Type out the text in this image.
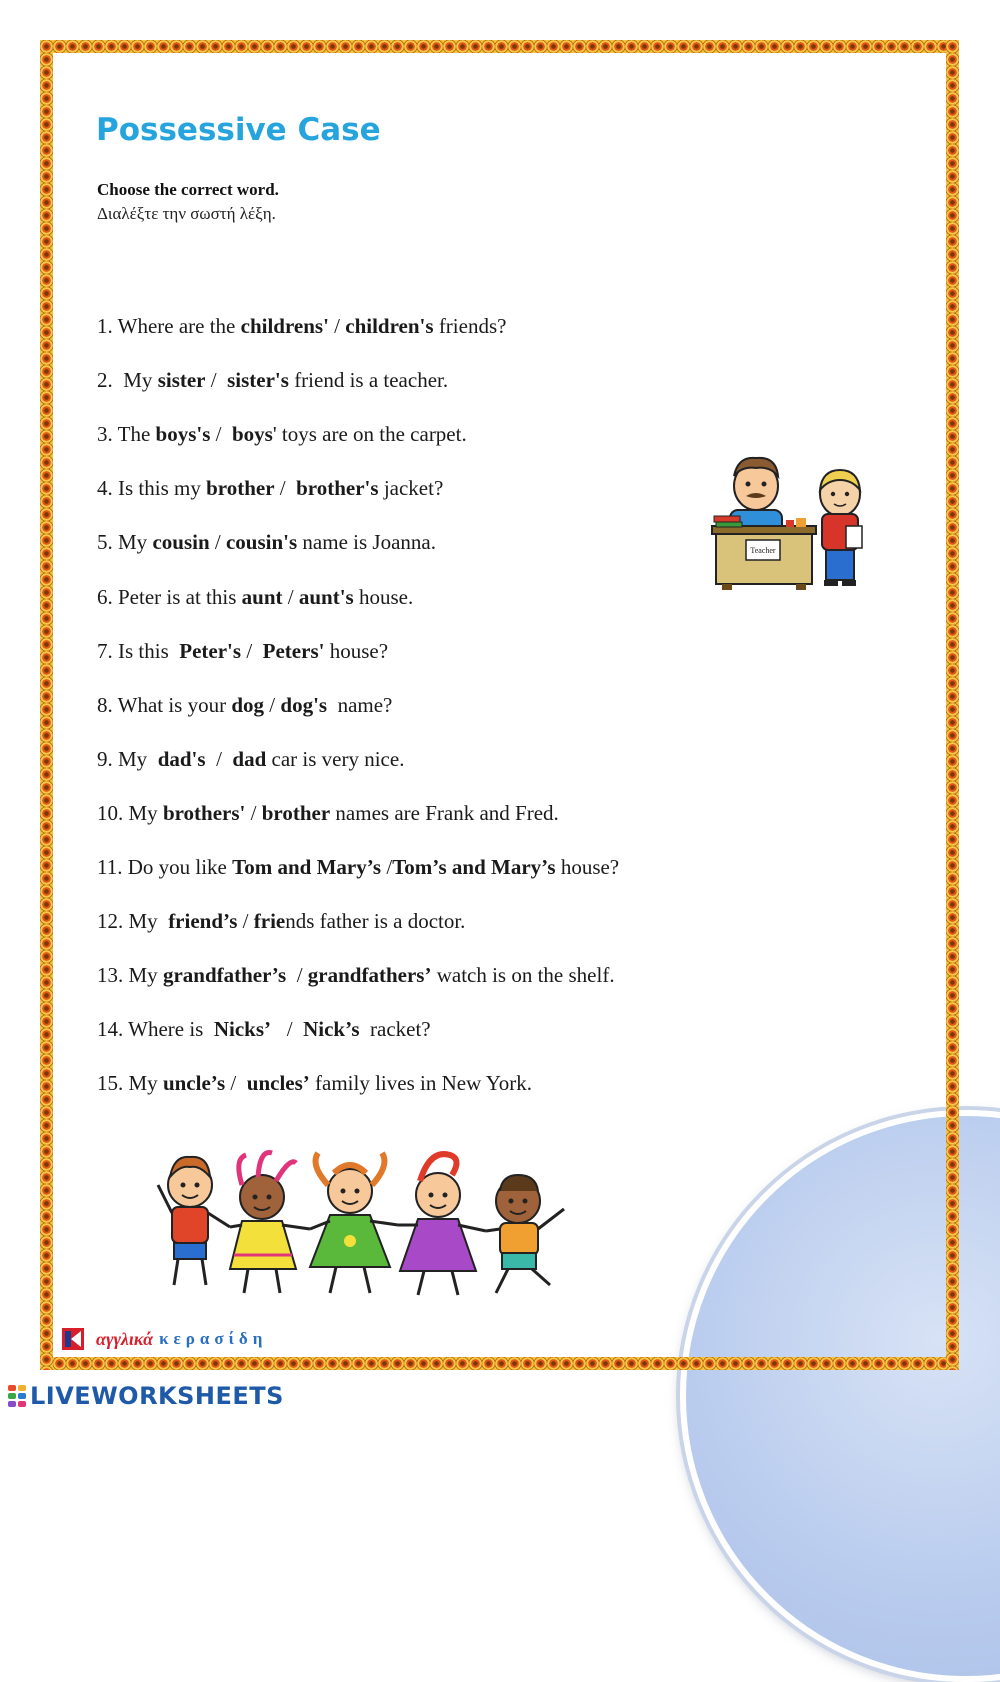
Possessive Case
Choose the correct word.
Διαλέξτε την σωστή λέξη.
1. Where are the childrens' / children's friends?
2.  My sister /  sister's friend is a teacher.
3. The boys's /  boys' toys are on the carpet.
4. Is this my brother /  brother's jacket?
5. My cousin / cousin's name is Joanna.
6. Peter is at this aunt / aunt's house.
7. Is this  Peter's /  Peters' house?
8. What is your dog / dog's  name?
9. My  dad's  /  dad car is very nice.
10. My brothers' / brother names are Frank and Fred.
11. Do you like Tom and Mary’s /Tom’s and Mary’s house?
12. My  friend’s / friends father is a doctor.
13. My grandfather’s  / grandfathers’ watch is on the shelf.
14. Where is  Nicks’   /  Nick’s  racket?
15. My uncle’s /  uncles’ family lives in New York.
Teacher
αγγλικά κερασίδη
LIVEWORKSHEETS
